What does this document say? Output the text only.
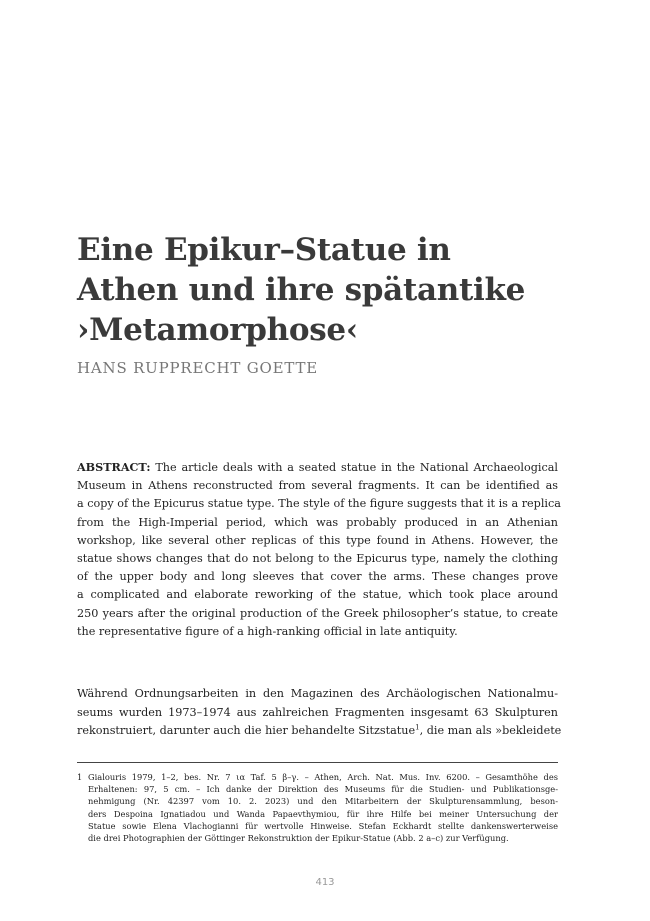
Eine Epikur–Statue in
Athen und ihre spätantike
›Metamorphose‹
HANS RUPPRECHT GOETTE
ABSTRACT: The article deals with a seated statue in the National Archaeological
Museum in Athens reconstructed from several fragments. It can be identified as
a copy of the Epicurus statue type. The style of the figure suggests that it is a replica
from the High-Imperial period, which was probably produced in an Athenian
workshop, like several other replicas of this type found in Athens. However, the
statue shows changes that do not belong to the Epicurus type, namely the clothing
of the upper body and long sleeves that cover the arms. These changes prove
a complicated and elaborate reworking of the statue, which took place around
250 years after the original production of the Greek philosopher’s statue, to create
the representative figure of a high-ranking official in late antiquity.
Während Ordnungsarbeiten in den Magazinen des Archäologischen Nationalmu-
seums wurden 1973–1974 aus zahlreichen Fragmenten insgesamt 63 Skulpturen
rekonstruiert, darunter auch die hier behandelte Sitzstatue$^1$, die man als »bekleidete
1 Gialouris 1979, 1–2, bes. Nr. 7 ια Taf. 5 β–γ. – Athen, Arch. Nat. Mus. Inv. 6200. – Gesamthöhe des
Erhaltenen: 97, 5 cm. – Ich danke der Direktion des Museums für die Studien- und Publikationsge-
nehmigung (Nr. 42397 vom 10. 2. 2023) und den Mitarbeitern der Skulpturensammlung, beson-
ders Despoina Ignatiadou und Wanda Papaevthymiou, für ihre Hilfe bei meiner Untersuchung der
Statue sowie Elena Vlachogianni für wertvolle Hinweise. Stefan Eckhardt stellte dankenswerterweise
die drei Photographien der Göttinger Rekonstruktion der Epikur-Statue (Abb. 2 a–c) zur Verfügung.
413
